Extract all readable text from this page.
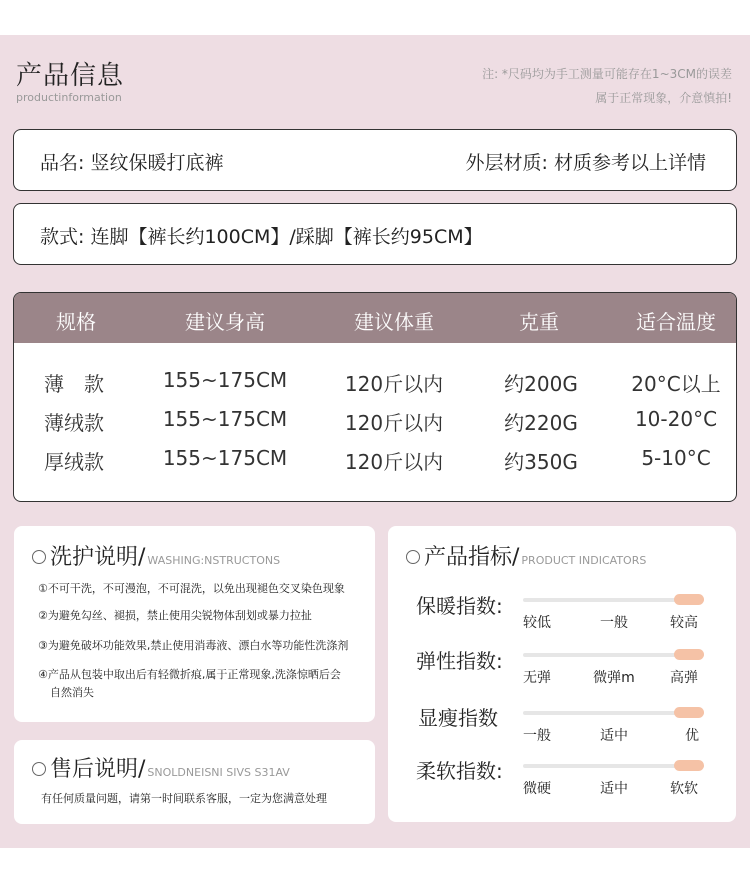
产品信息
productinformation
注: *尺码均为手工测量可能存在1~3CM的误差
属于正常现象，介意慎拍!
品名: 竖纹保暖打底裤	外层材质: 材质参考以上详情
款式: 连脚【裤长约100CM】/踩脚【裤长约95CM】
规格	建议身高	建议体重	克重	适合温度
薄　款	155~175CM	120斤以内	约200G	20°C以上
薄绒款	155~175CM	120斤以内	约220G	10-20°C
厚绒款	155~175CM	120斤以内	约350G	5-10°C
洗护说明/ WASHING:NSTRUCTONS
①不可干洗，不可漫泡，不可混洗，以免出现褪色交叉染色现象
②为避免勾丝、褪损，禁止使用尖锐物体刮划或暴力拉扯
③为避免破坏功能效果,禁止使用消毒液、漂白水等功能性洗涤剂
④产品从包装中取出后有轻微折痕,属于正常现象,洗涤惊晒后会
自然消失
售后说明/ SNOLDNEISNI SIVS S31AV
有任何质量问题，请第一时间联系客服，一定为您满意处理
产品指标/ PRODUCT INDICATORS
保暖指数:
较低	一般	较高
弹性指数:
无弹	微弹m	高弹
显瘦指数
一般	适中	优
柔软指数:
微硬	适中	软软
